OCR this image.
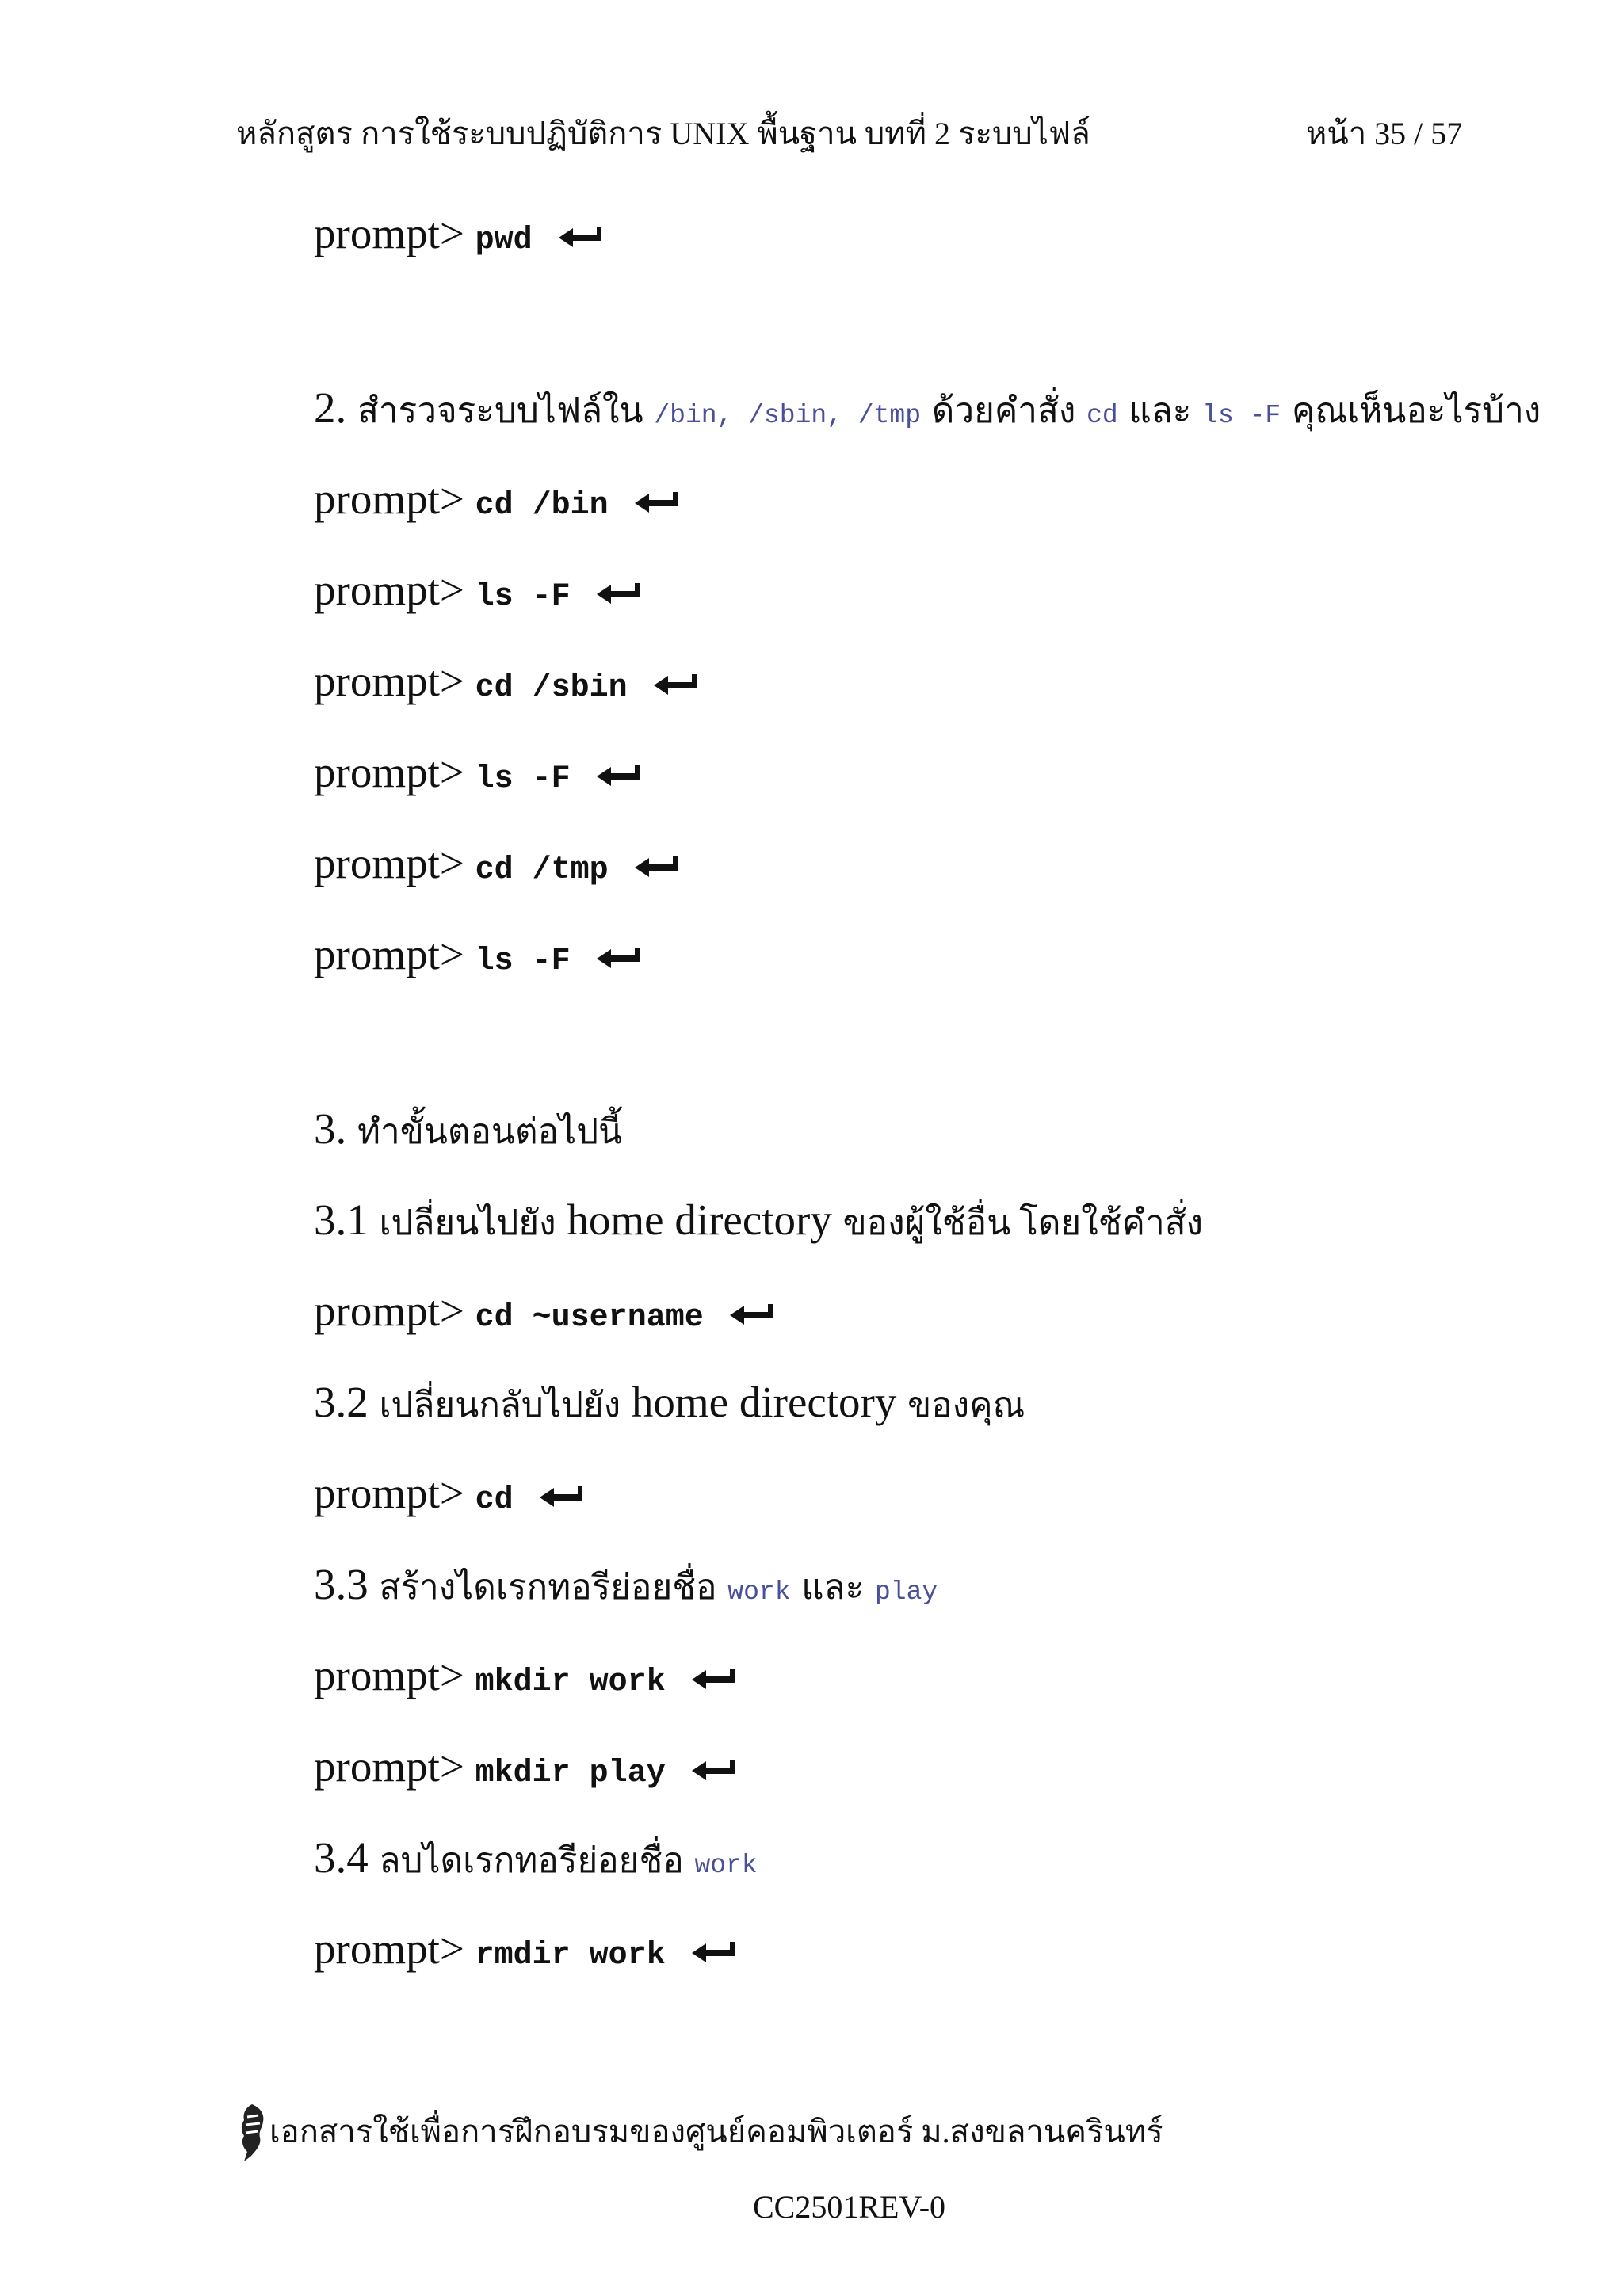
หลักสูตร การใช้ระบบปฏิบัติการ UNIX พื้นฐาน บทที่ 2 ระบบไฟล์	หน้า 35 / 57
prompt> pwd
2. สำรวจระบบไฟล์ใน /bin, /sbin, /tmp ด้วยคำสั่ง cd และ ls -F คุณเห็นอะไรบ้าง
prompt> cd /bin
prompt> ls -F
prompt> cd /sbin
prompt> ls -F
prompt> cd /tmp
prompt> ls -F
3. ทำขั้นตอนต่อไปนี้
3.1 เปลี่ยนไปยัง home directory ของผู้ใช้อื่น โดยใช้คำสั่ง
prompt> cd ~username
3.2 เปลี่ยนกลับไปยัง home directory ของคุณ
prompt> cd
3.3 สร้างไดเรกทอรีย่อยชื่อ work และ play
prompt> mkdir work
prompt> mkdir play
3.4 ลบไดเรกทอรีย่อยชื่อ work
prompt> rmdir work
เอกสารใช้เพื่อการฝึกอบรมของศูนย์คอมพิวเตอร์ ม.สงขลานครินทร์
CC2501REV-0
